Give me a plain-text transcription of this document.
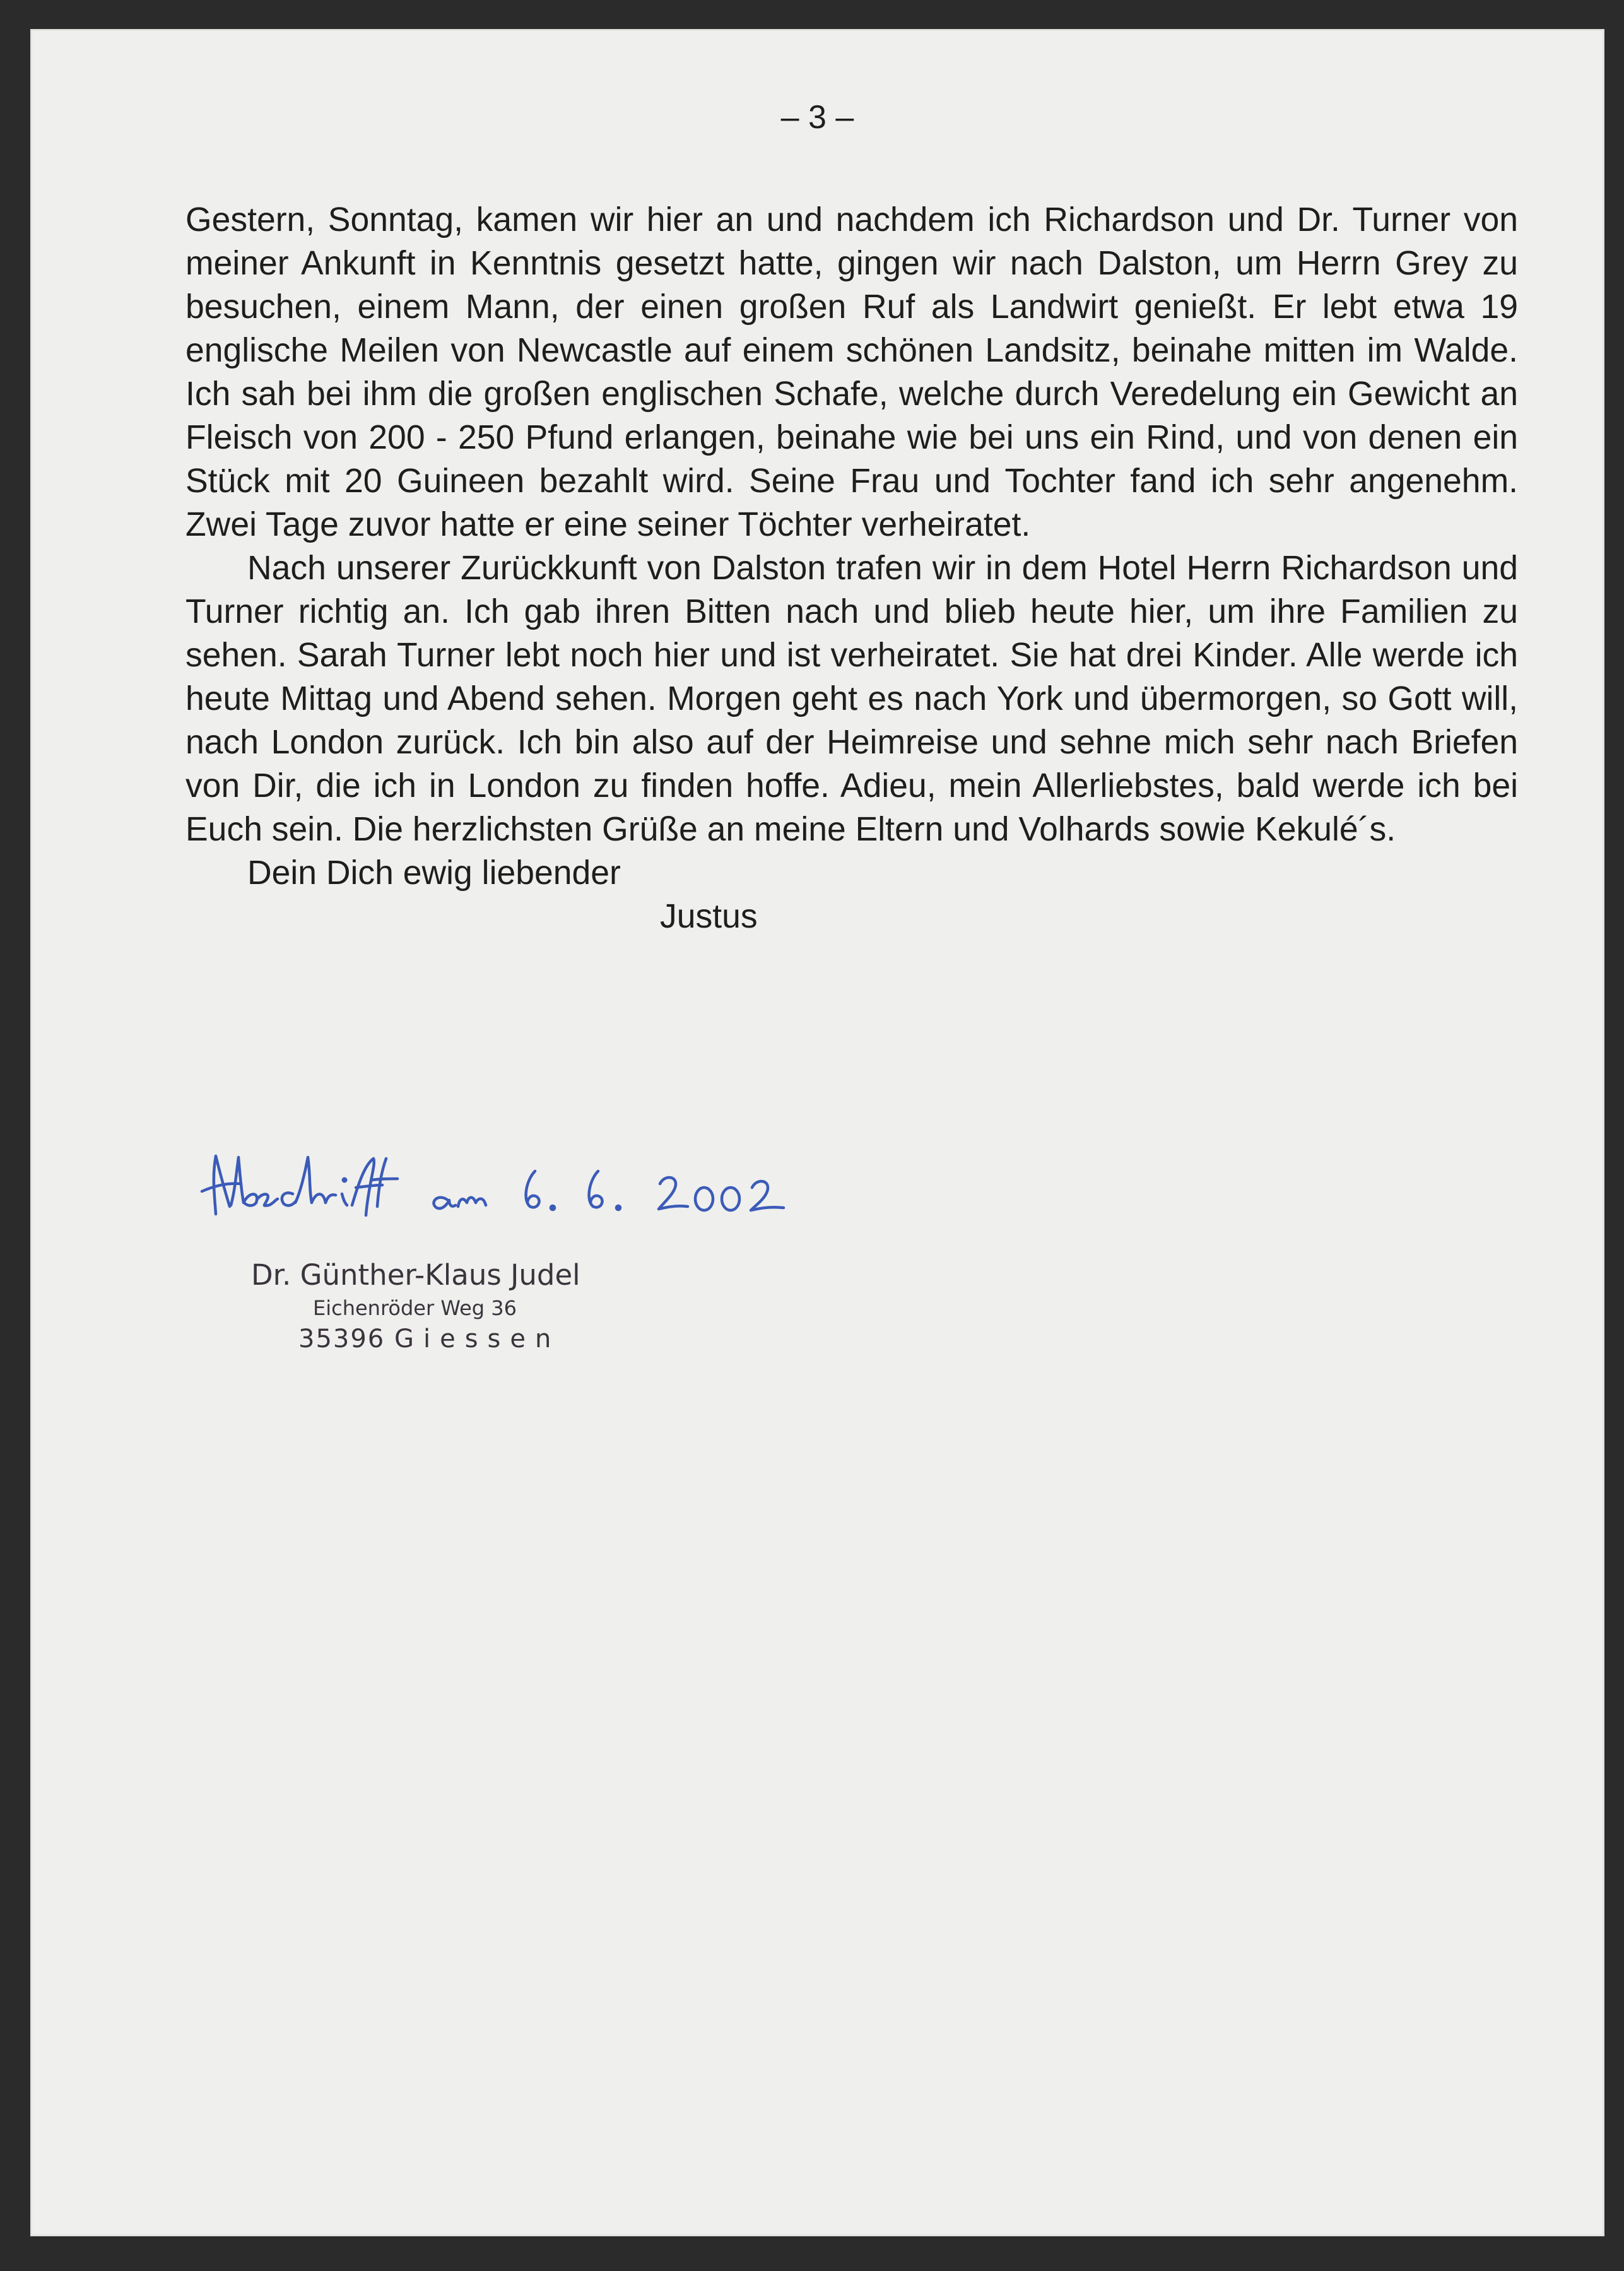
– 3 –

Gestern, Sonntag, kamen wir hier an und nachdem ich Richardson und Dr. Turner von meiner Ankunft in Kenntnis gesetzt hatte, gingen wir nach Dalston, um Herrn Grey zu besuchen, einem Mann, der einen großen Ruf als Landwirt genießt. Er lebt etwa 19 englische Meilen von Newcastle auf einem schönen Landsitz, beinahe mitten im Walde. Ich sah bei ihm die großen englischen Schafe, welche durch Veredelung ein Gewicht an Fleisch von 200 - 250 Pfund erlangen, beinahe wie bei uns ein Rind, und von denen ein Stück mit 20 Guineen bezahlt wird. Seine Frau und Tochter fand ich sehr angenehm. Zwei Tage zuvor hatte er eine seiner Töchter verheiratet.

Nach unserer Zurückkunft von Dalston trafen wir in dem Hotel Herrn Richardson und Turner richtig an. Ich gab ihren Bitten nach und blieb heute hier, um ihre Familien zu sehen. Sarah Turner lebt noch hier und ist verheiratet. Sie hat drei Kinder. Alle werde ich heute Mittag und Abend sehen. Morgen geht es nach York und übermorgen, so Gott will, nach London zurück. Ich bin also auf der Heimreise und sehne mich sehr nach Briefen von Dir, die ich in London zu finden hoffe. Adieu, mein Allerliebstes, bald werde ich bei Euch sein. Die herzlichsten Grüße an meine Eltern und Volhards sowie Kekulé´s.

Dein Dich ewig liebender

Justus

Dr. Günther-Klaus Judel
Eichenröder Weg 36
35396 Giessen
